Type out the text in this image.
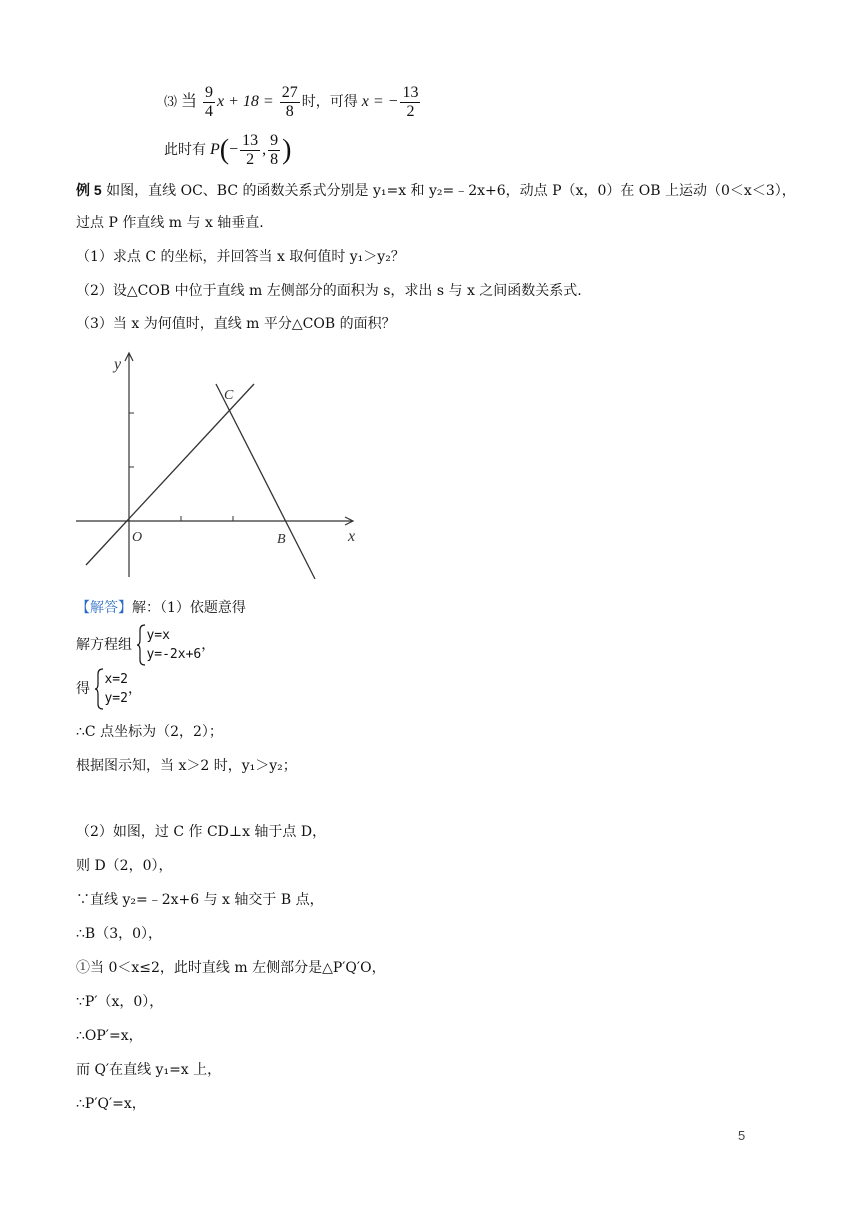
⑶ 当 $\frac{9}{4}$ $x + 18 = \frac{27}{8}$ 时，可得 x = − $\frac{13}{2}$
此时有 $P(- \frac{13}{2}$ , $\frac{9}{8}$ )
例 5 如图，直线 OC、BC 的函数关系式分别是 y₁=x 和 y₂=﹣2x+6，动点 P（x，0）在 OB 上运动（0＜x＜3），
过点 P 作直线 m 与 x 轴垂直.
（1）求点 C 的坐标，并回答当 x 取何值时 y₁＞y₂？
（2）设△COB 中位于直线 m 左侧部分的面积为 s，求出 s 与 x 之间函数关系式.
（3）当 x 为何值时，直线 m 平分△COB 的面积？
y
x
O
C
B
【解答】解：（1）依题意得
解方程组
y=x
y=-2x+6
，
得
x=2
y=2
，
∴C 点坐标为（2，2）；
根据图示知，当 x＞2 时，y₁＞y₂；
（2）如图，过 C 作 CD⊥x 轴于点 D，
则 D（2，0），
∵直线 y₂=﹣2x+6 与 x 轴交于 B 点，
∴B（3，0），
①当 0＜x≤2，此时直线 m 左侧部分是△P′Q′O，
∵P′（x，0），
∴OP′=x，
而 Q′在直线 y₁=x 上，
∴P′Q′=x，
5
